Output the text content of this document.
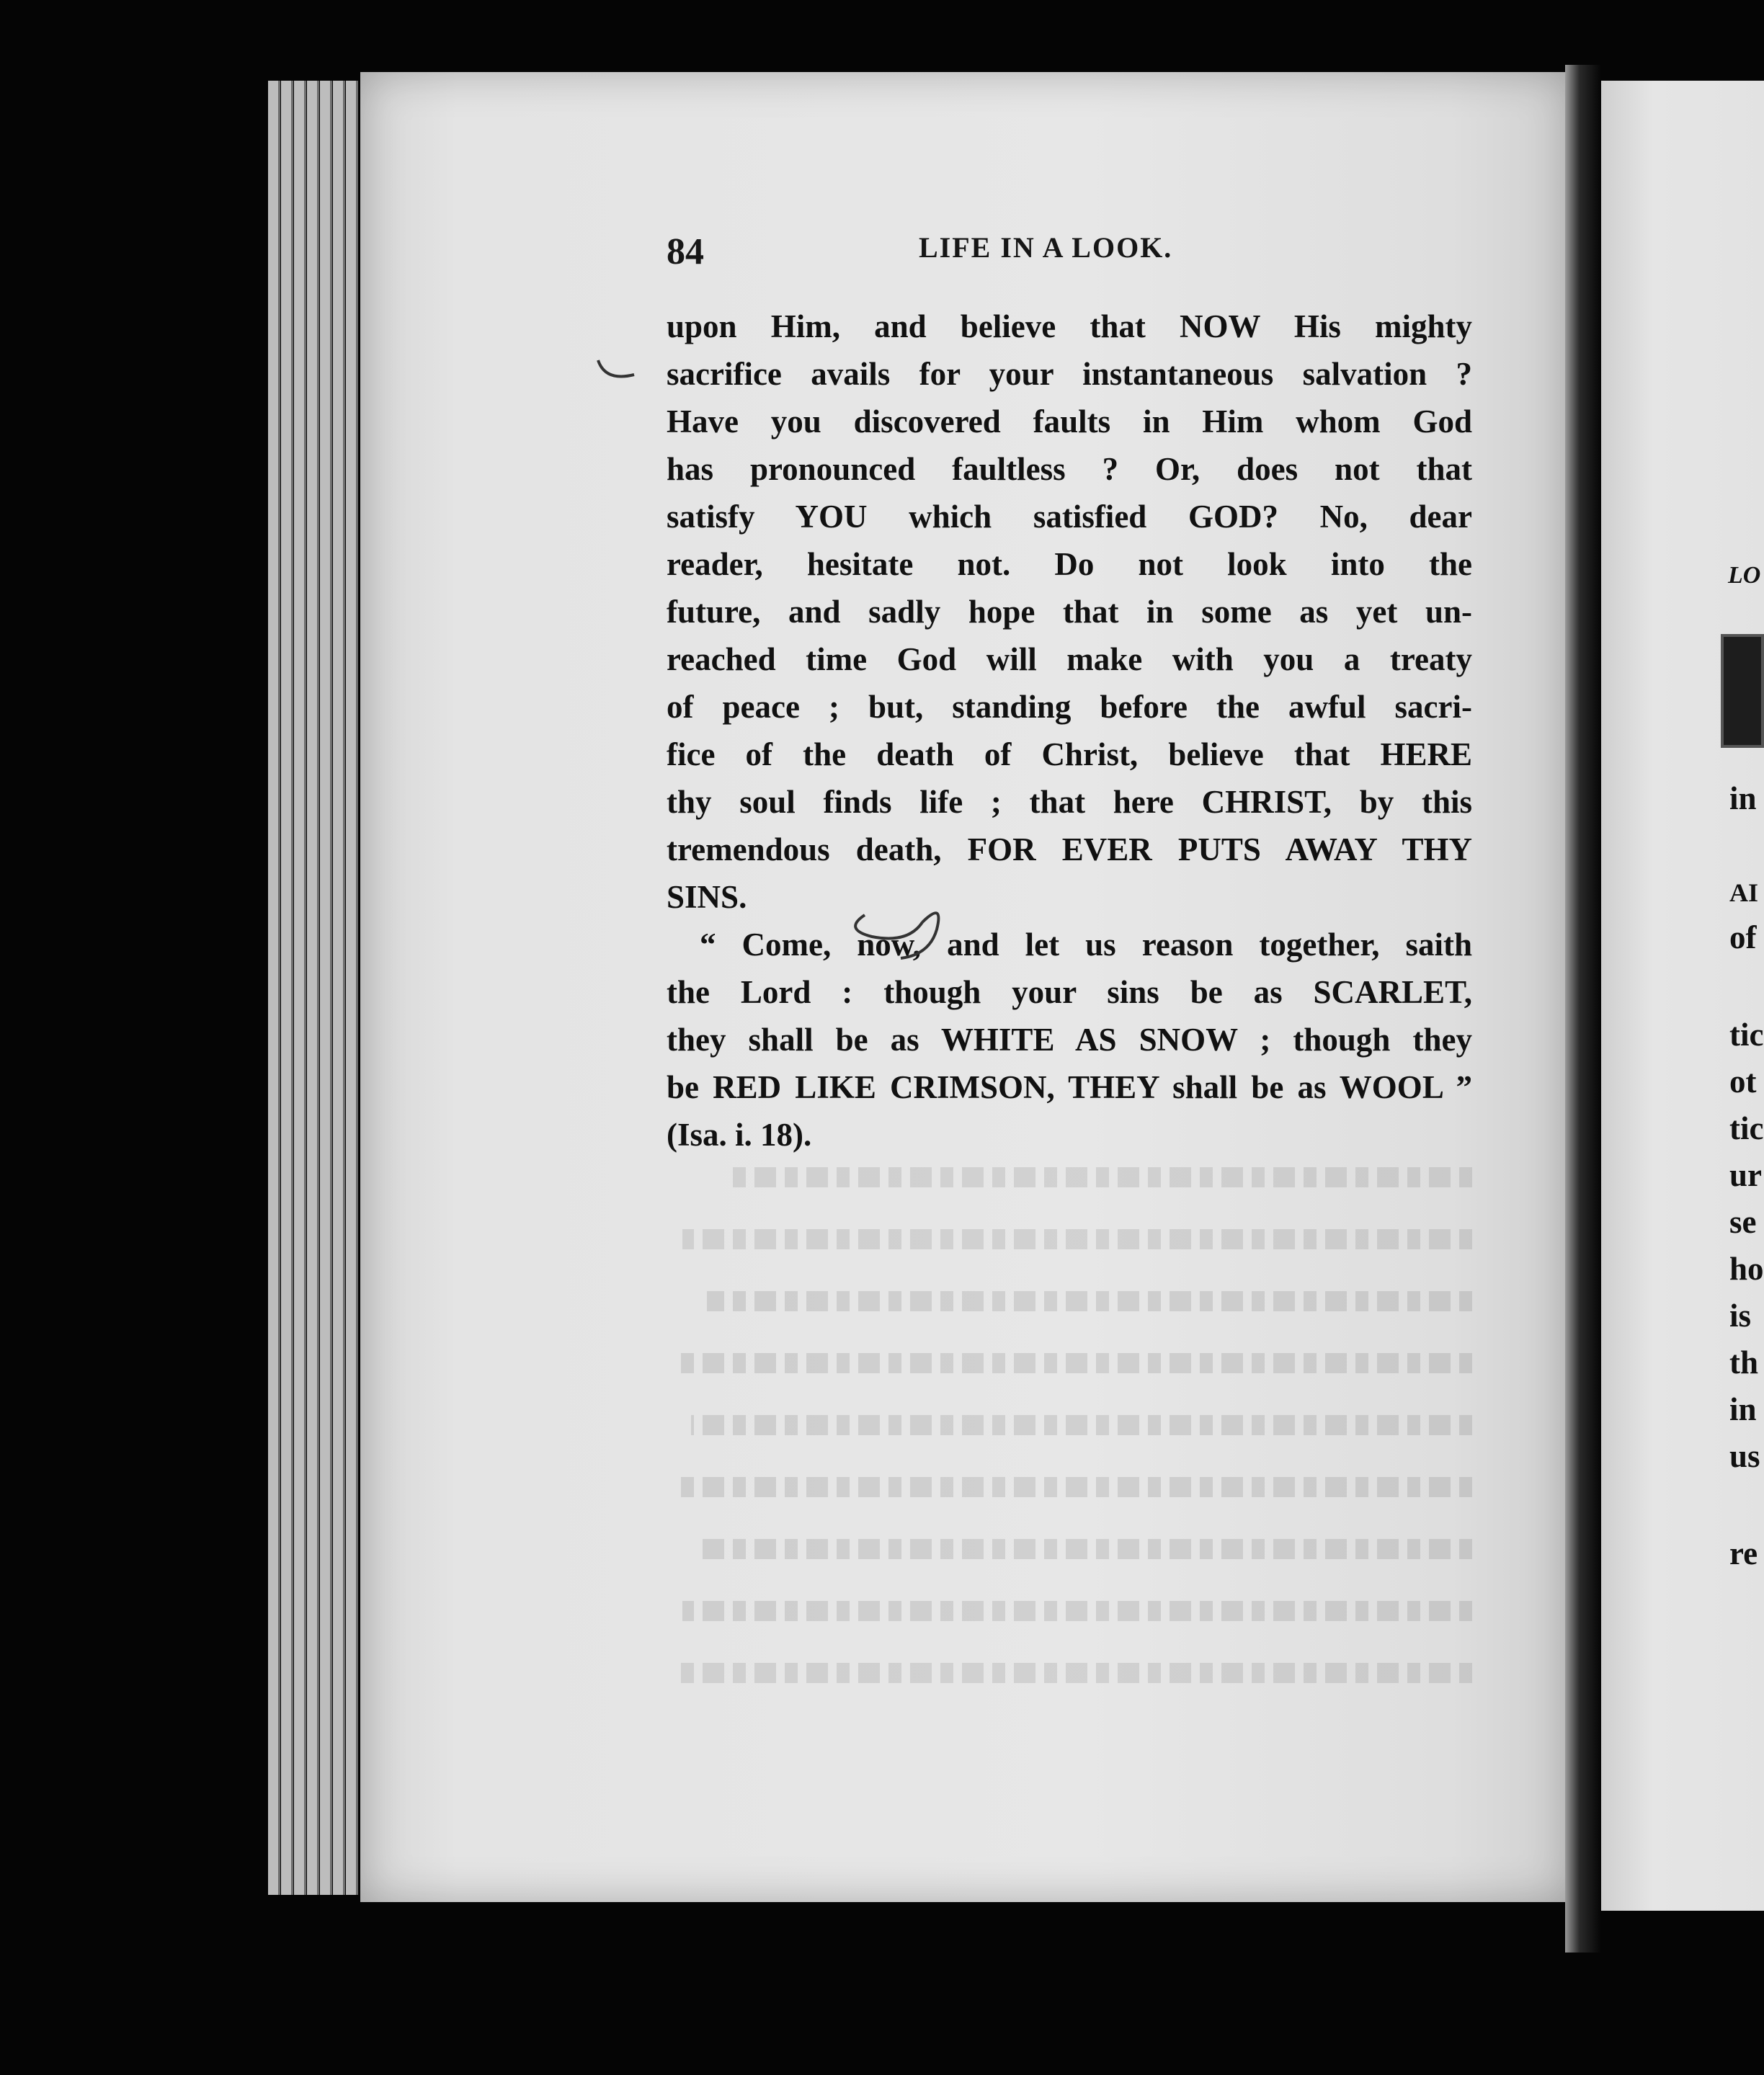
84	LIFE IN A LOOK.
upon Him, and believe that NOW His mighty
sacrifice avails for your instantaneous salvation ?
Have you discovered faults in Him whom God
has pronounced faultless ? Or, does not that
satisfy YOU which satisfied GOD? No, dear
reader, hesitate not. Do not look into the
future, and sadly hope that in some as yet un-
reached time God will make with you a treaty
of peace ; but, standing before the awful sacri-
fice of the death of Christ, believe that HERE
thy soul finds life ; that here CHRIST, by this
tremendous death, FOR EVER PUTS AWAY THY
SINS.
“ Come, now, and let us reason together, saith
the Lord : though your sins be as SCARLET,
they shall be as WHITE AS SNOW ; though they
be RED LIKE CRIMSON, THEY shall be as WOOL ”
(Isa. i. 18).
LO
in
AI
of
tic
ot
tic
ur
se
ho
is
th
in
us
re
